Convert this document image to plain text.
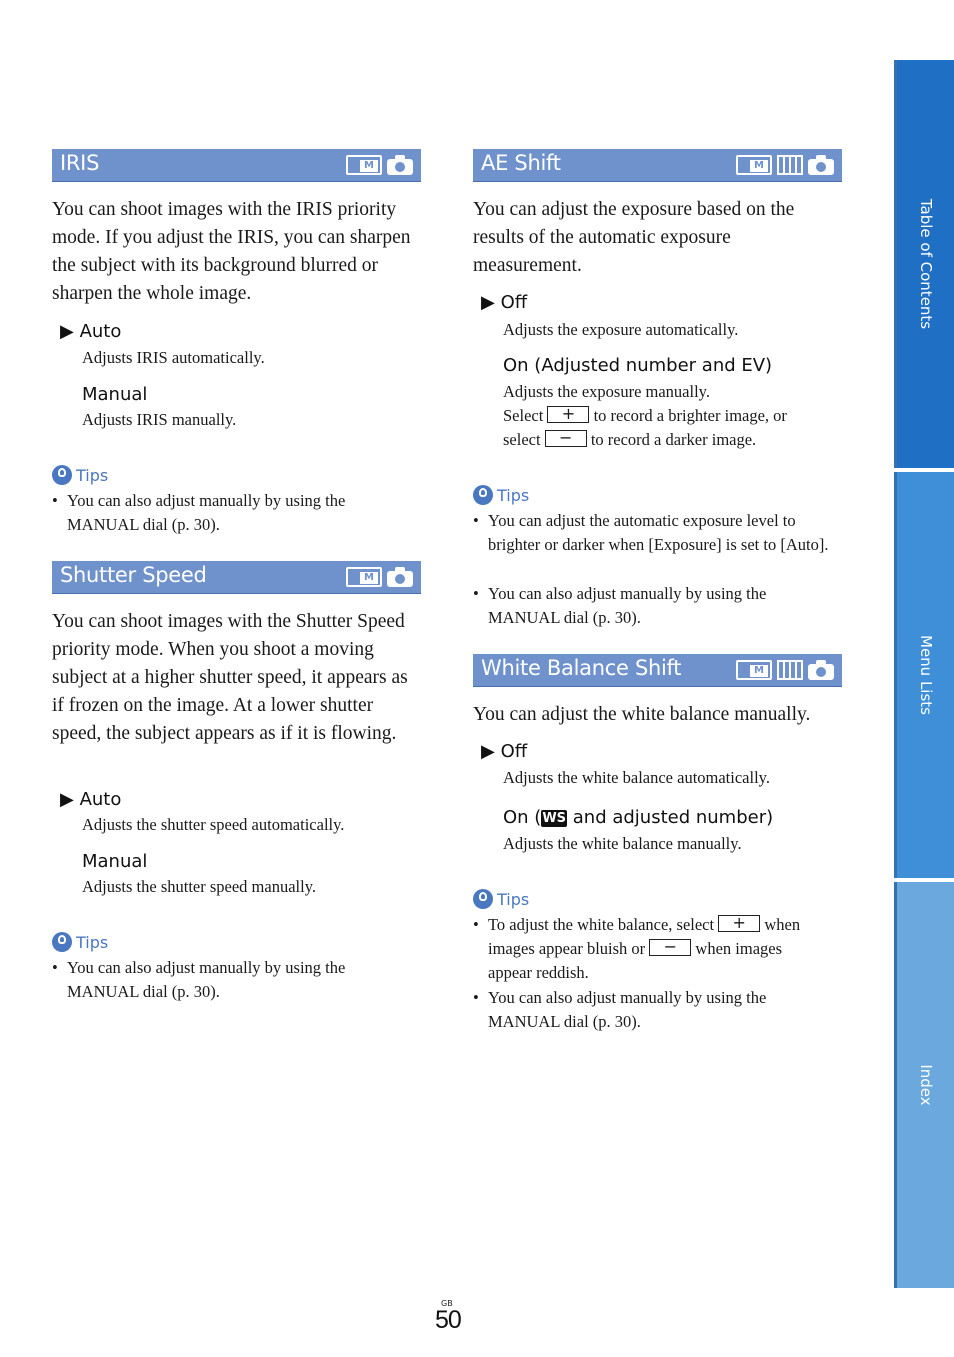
IRIS	M
You can shoot images with the IRIS priority mode. If you adjust the IRIS, you can sharpen the subject with its background blurred or sharpen the whole image.
▶ Auto
Adjusts IRIS automatically.
Manual
Adjusts IRIS manually.
Tips
• You can also adjust manually by using the MANUAL dial (p. 30).
Shutter Speed	M
You can shoot images with the Shutter Speed priority mode. When you shoot a moving subject at a higher shutter speed, it appears as if frozen on the image. At a lower shutter speed, the subject appears as if it is flowing.
▶ Auto
Adjusts the shutter speed automatically.
Manual
Adjusts the shutter speed manually.
Tips
• You can also adjust manually by using the MANUAL dial (p. 30).
AE Shift	M
You can adjust the exposure based on the results of the automatic exposure measurement.
▶ Off
Adjusts the exposure automatically.
On (Adjusted number and EV)
Adjusts the exposure manually.
Select	+	to record a brighter image, or
select	−	to record a darker image.
Tips
• You can adjust the automatic exposure level to brighter or darker when [Exposure] is set to [Auto].
• You can also adjust manually by using the MANUAL dial (p. 30).
White Balance Shift	M
You can adjust the white balance manually.
▶ Off
Adjusts the white balance automatically.
On (WS and adjusted number)
Adjusts the white balance manually.
Tips
• To adjust the white balance, select	+	when
images appear bluish or	−	when images
appear reddish.
• You can also adjust manually by using the MANUAL dial (p. 30).
Table of Contents
Menu Lists
Index
GB
50
